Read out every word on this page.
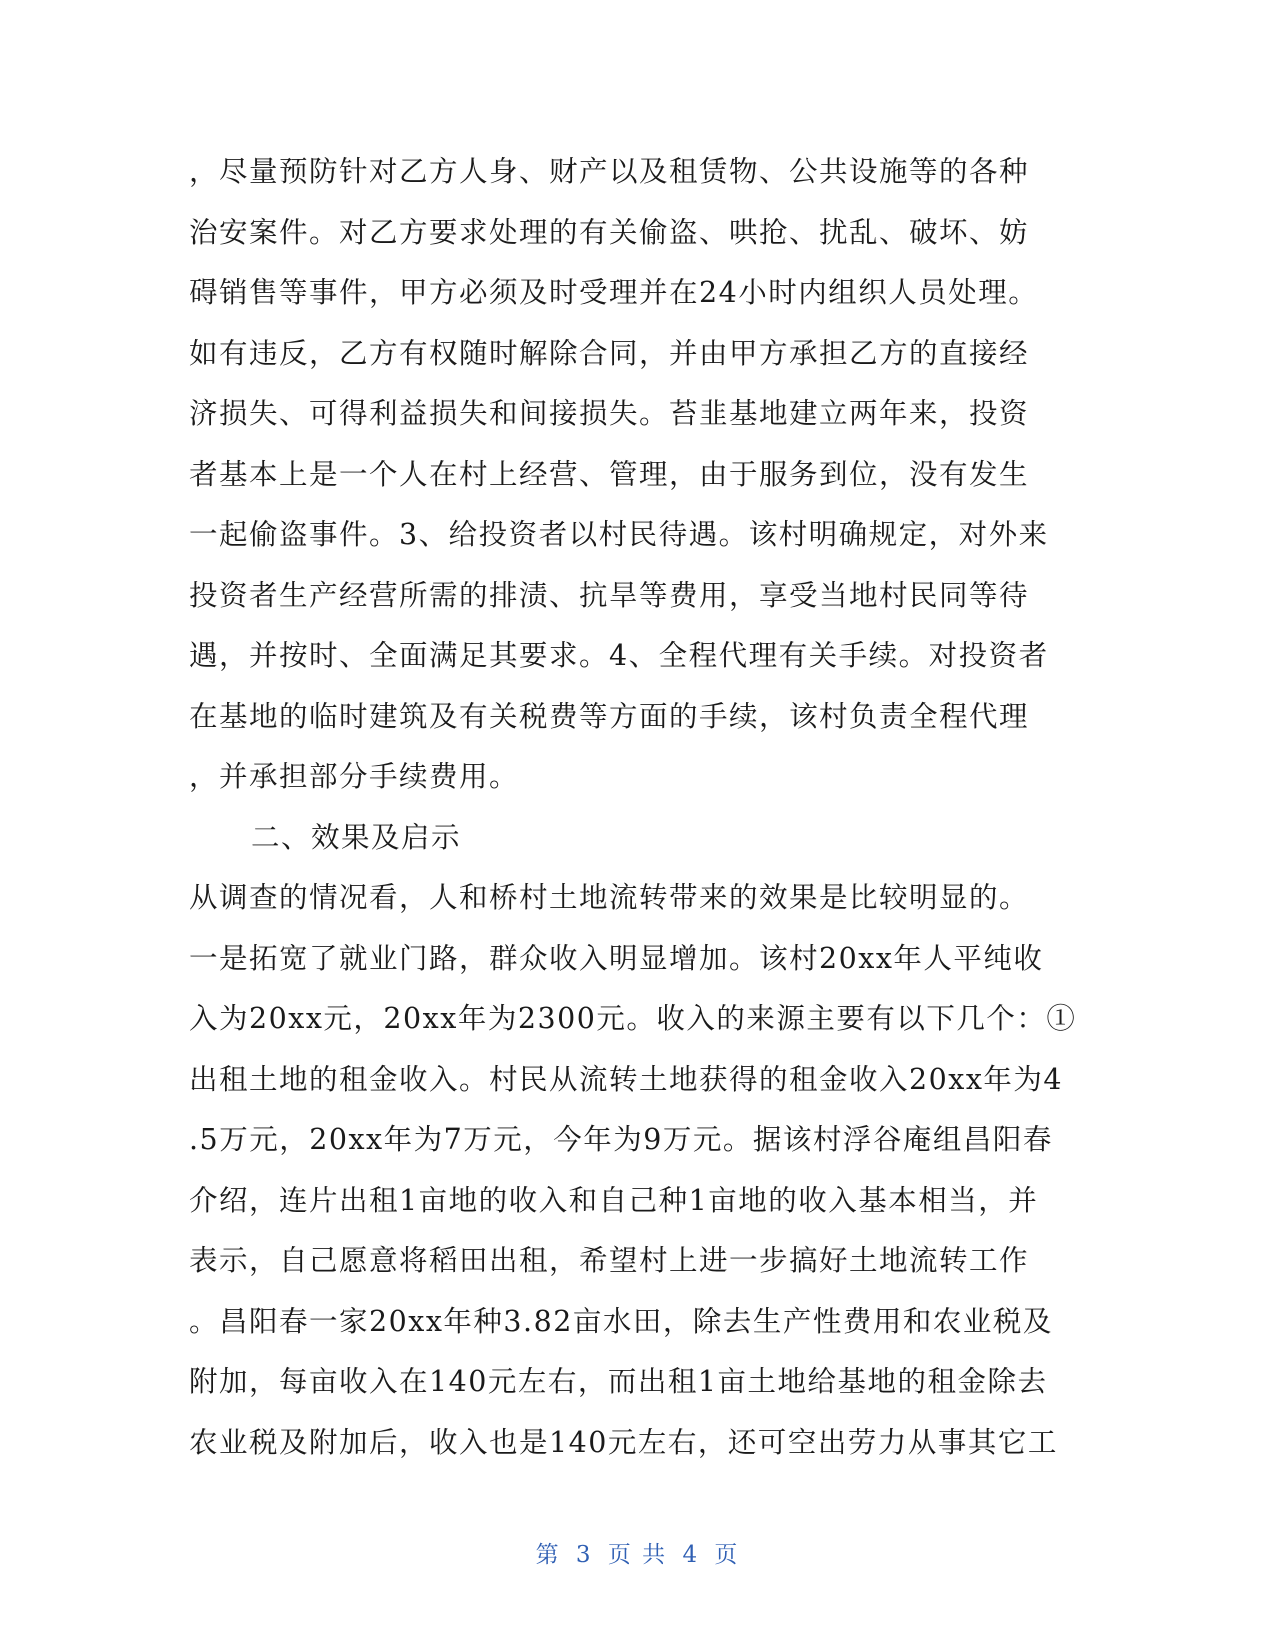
，尽量预防针对乙方人身、财产以及租赁物、公共设施等的各种
治安案件。对乙方要求处理的有关偷盗、哄抢、扰乱、破坏、妨
碍销售等事件，甲方必须及时受理并在24小时内组织人员处理。
如有违反，乙方有权随时解除合同，并由甲方承担乙方的直接经
济损失、可得利益损失和间接损失。苔韭基地建立两年来，投资
者基本上是一个人在村上经营、管理，由于服务到位，没有发生
一起偷盗事件。3、给投资者以村民待遇。该村明确规定，对外来
投资者生产经营所需的排渍、抗旱等费用，享受当地村民同等待
遇，并按时、全面满足其要求。4、全程代理有关手续。对投资者
在基地的临时建筑及有关税费等方面的手续，该村负责全程代理
，并承担部分手续费用。
二、效果及启示
从调查的情况看，人和桥村土地流转带来的效果是比较明显的。
一是拓宽了就业门路，群众收入明显增加。该村20xx年人平纯收
入为20xx元，20xx年为2300元。收入的来源主要有以下几个：①
出租土地的租金收入。村民从流转土地获得的租金收入20xx年为4
.5万元，20xx年为7万元，今年为9万元。据该村浮谷庵组昌阳春
介绍，连片出租1亩地的收入和自己种1亩地的收入基本相当，并
表示，自己愿意将稻田出租，希望村上进一步搞好土地流转工作
。昌阳春一家20xx年种3.82亩水田，除去生产性费用和农业税及
附加，每亩收入在140元左右，而出租1亩土地给基地的租金除去
农业税及附加后，收入也是140元左右，还可空出劳力从事其它工
第 3 页 共 4 页
